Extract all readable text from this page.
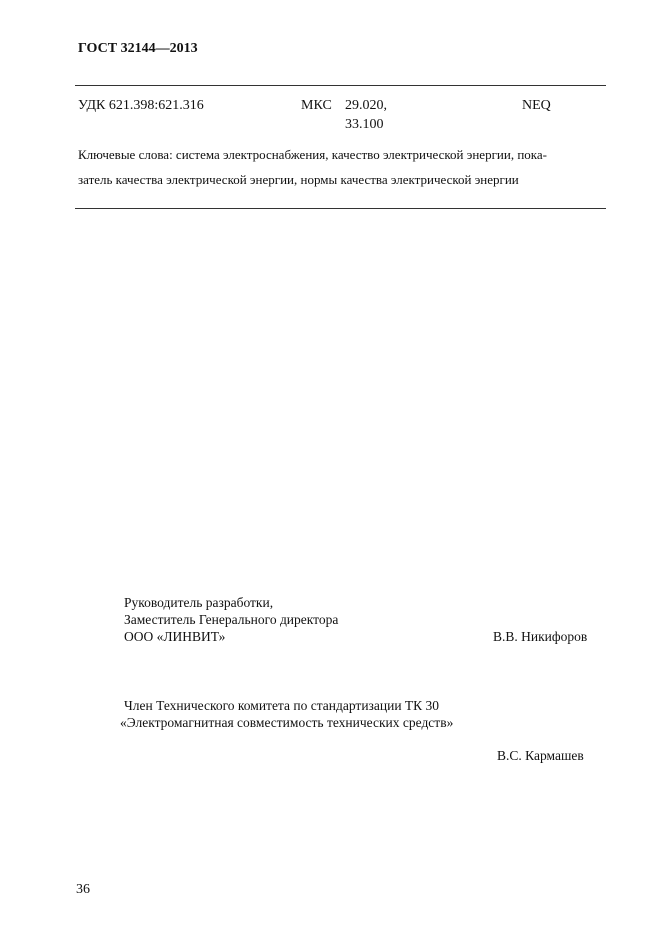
ГОСТ 32144—2013
УДК 621.398:621.316	МКС 29.020,
33.100
NEQ
Ключевые слова: система электроснабжения, качество электрической энергии, пока-
затель качества электрической энергии, нормы качества электрической энергии
Руководитель разработки,
Заместитель Генерального директора
ООО «ЛИНВИТ»	В.В. Никифоров
Член Технического комитета по стандартизации ТК 30
«Электромагнитная совместимость технических средств»
В.С. Кармашев
36
